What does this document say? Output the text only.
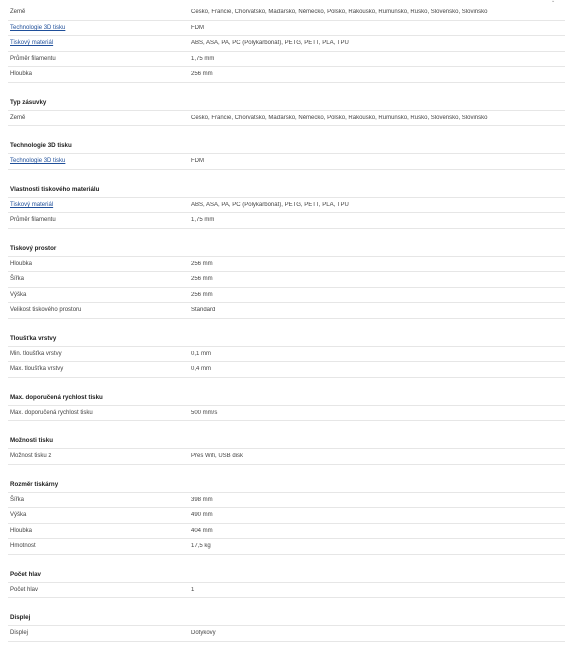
⌄
Země	Česko, Francie, Chorvatsko, Maďarsko, Německo, Polsko, Rakousko, Rumunsko, Rusko, Slovensko, Slovinsko
Technologie 3D tisku	FDM
Tiskový materiál	ABS, ASA, PA, PC (Polykarbonát), PETG, PETT, PLA, TPU
Průměr filamentu	1,75 mm
Hloubka	256 mm
Typ zásuvky
Země	Česko, Francie, Chorvatsko, Maďarsko, Německo, Polsko, Rakousko, Rumunsko, Rusko, Slovensko, Slovinsko
Technologie 3D tisku
Technologie 3D tisku	FDM
Vlastnosti tiskového materiálu
Tiskový materiál	ABS, ASA, PA, PC (Polykarbonát), PETG, PETT, PLA, TPU
Průměr filamentu	1,75 mm
Tiskový prostor
Hloubka	256 mm
Šířka	256 mm
Výška	256 mm
Velikost tiskového prostoru	Standard
Tloušťka vrstvy
Min. tloušťka vrstvy	0,1 mm
Max. tloušťka vrstvy	0,4 mm
Max. doporučená rychlost tisku
Max. doporučená rychlost tisku	500 mm/s
Možnosti tisku
Možnost tisku z	Přes Wifi, USB disk
Rozměr tiskárny
Šířka	398 mm
Výška	490 mm
Hloubka	404 mm
Hmotnost	17,5 kg
Počet hlav
Počet hlav	1
Displej
Displej	Dotykový
